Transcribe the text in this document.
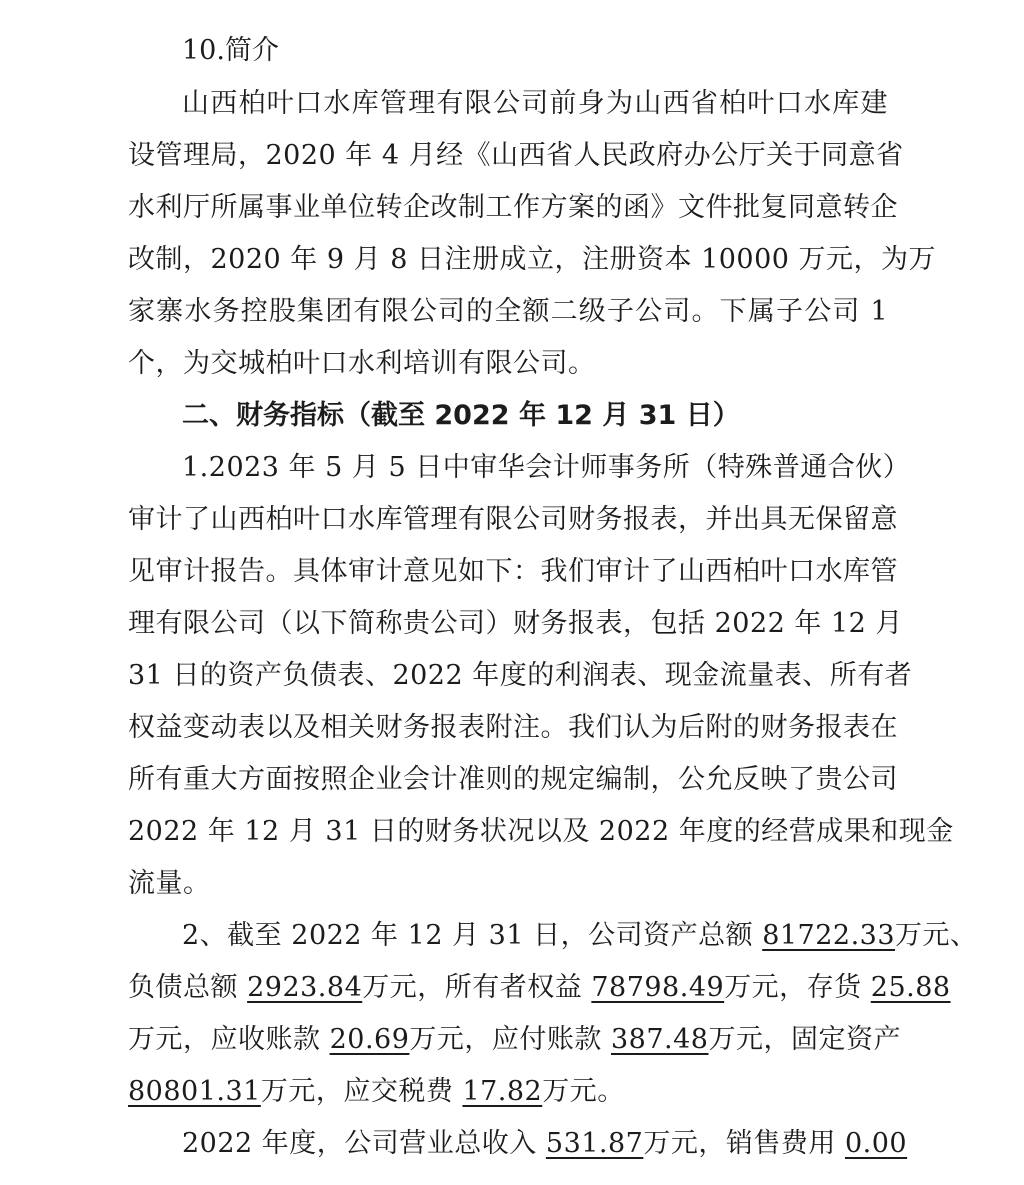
10.简介
山西柏叶口水库管理有限公司前身为山西省柏叶口水库建
设管理局，2020 年 4 月经《山西省人民政府办公厅关于同意省
水利厅所属事业单位转企改制工作方案的函》文件批复同意转企
改制，2020 年 9 月 8 日注册成立，注册资本 10000 万元，为万
家寨水务控股集团有限公司的全额二级子公司。下属子公司 1
个，为交城柏叶口水利培训有限公司。
二、财务指标（截至 2022 年 12 月 31 日）
1.2023 年 5 月 5 日中审华会计师事务所（特殊普通合伙）
审计了山西柏叶口水库管理有限公司财务报表，并出具无保留意
见审计报告。具体审计意见如下：我们审计了山西柏叶口水库管
理有限公司（以下简称贵公司）财务报表，包括 2022 年 12 月
31 日的资产负债表、2022 年度的利润表、现金流量表、所有者
权益变动表以及相关财务报表附注。我们认为后附的财务报表在
所有重大方面按照企业会计准则的规定编制，公允反映了贵公司
2022 年 12 月 31 日的财务状况以及 2022 年度的经营成果和现金
流量。
2、截至 2022 年 12 月 31 日，公司资产总额 81722.33万元、
负债总额 2923.84万元，所有者权益 78798.49万元，存货 25.88
万元，应收账款 20.69万元，应付账款 387.48万元，固定资产
80801.31万元，应交税费 17.82万元。
2022 年度，公司营业总收入 531.87万元，销售费用 0.00
